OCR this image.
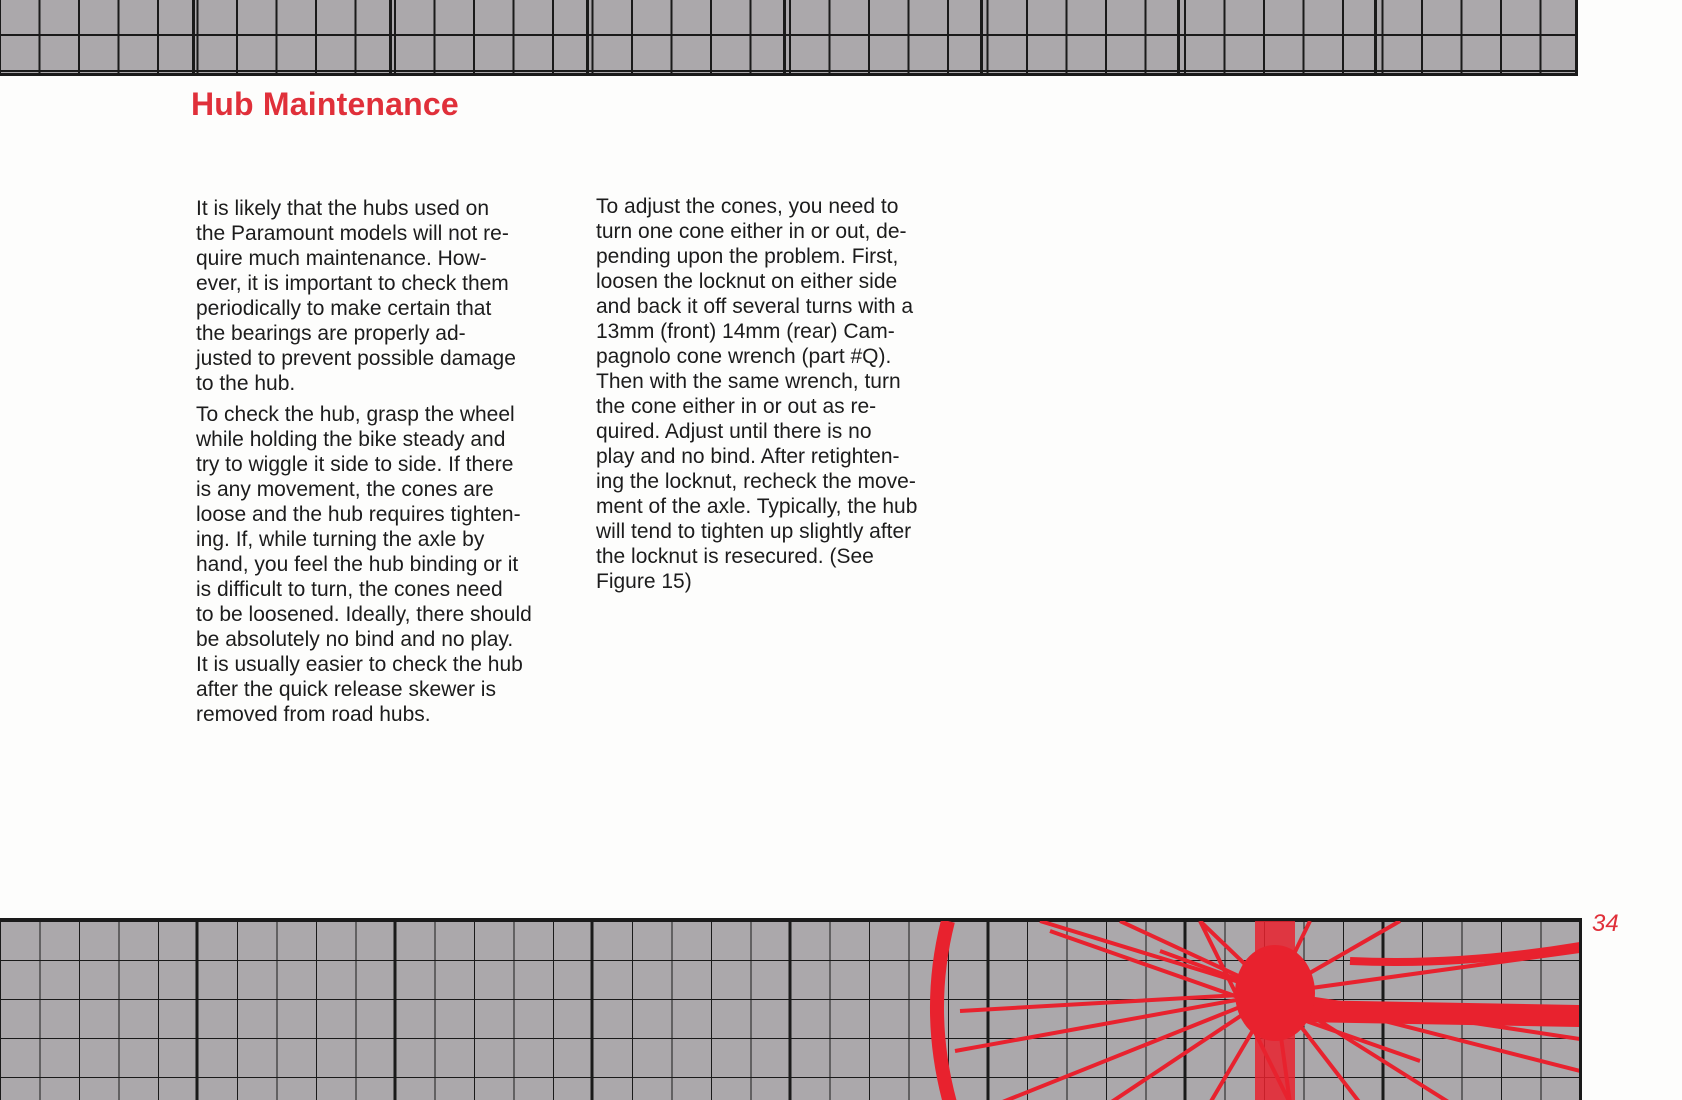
Hub Maintenance

It is likely that the hubs used on
the Paramount models will not re-
quire much maintenance. How-
ever, it is important to check them
periodically to make certain that
the bearings are properly ad-
justed to prevent possible damage
to the hub.

To check the hub, grasp the wheel
while holding the bike steady and
try to wiggle it side to side. If there
is any movement, the cones are
loose and the hub requires tighten-
ing. If, while turning the axle by
hand, you feel the hub binding or it
is difficult to turn, the cones need
to be loosened. Ideally, there should
be absolutely no bind and no play.
It is usually easier to check the hub
after the quick release skewer is
removed from road hubs.

To adjust the cones, you need to
turn one cone either in or out, de-
pending upon the problem. First,
loosen the locknut on either side
and back it off several turns with a
13mm (front) 14mm (rear) Cam-
pagnolo cone wrench (part #Q).
Then with the same wrench, turn
the cone either in or out as re-
quired. Adjust until there is no
play and no bind. After retighten-
ing the locknut, recheck the move-
ment of the axle. Typically, the hub
will tend to tighten up slightly after
the locknut is resecured. (See
Figure 15)

34
